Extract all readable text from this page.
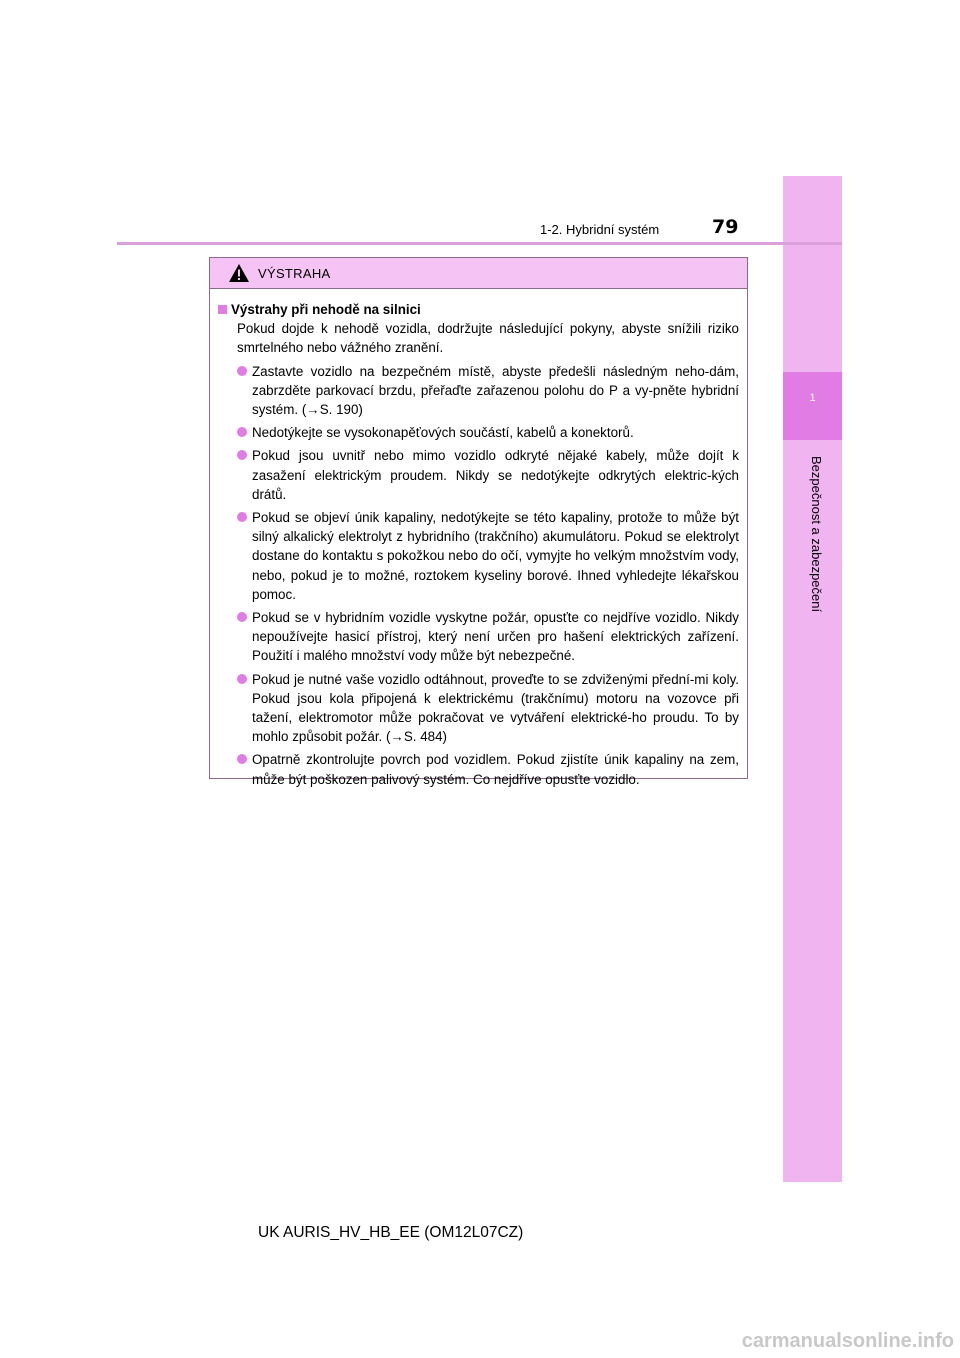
1
Bezpečnost a zabezpečení
1-2. Hybridní systém	79
VÝSTRAHA
Výstrahy při nehodě na silnici
Pokud dojde k nehodě vozidla, dodržujte následující pokyny, abyste snížili riziko smrtelného nebo vážného zranění.
Zastavte vozidlo na bezpečném místě, abyste předešli následným neho-dám, zabrzděte parkovací brzdu, přeřaďte zařazenou polohu do P a vy-pněte hybridní systém. (→S. 190)
Nedotýkejte se vysokonapěťových součástí, kabelů a konektorů.
Pokud jsou uvnitř nebo mimo vozidlo odkryté nějaké kabely, může dojít k zasažení elektrickým proudem. Nikdy se nedotýkejte odkrytých elektric-kých drátů.
Pokud se objeví únik kapaliny, nedotýkejte se této kapaliny, protože to může být silný alkalický elektrolyt z hybridního (trakčního) akumulátoru. Pokud se elektrolyt dostane do kontaktu s pokožkou nebo do očí, vymyjte ho velkým množstvím vody, nebo, pokud je to možné, roztokem kyseliny borové. Ihned vyhledejte lékařskou pomoc.
Pokud se v hybridním vozidle vyskytne požár, opusťte co nejdříve vozidlo. Nikdy nepoužívejte hasicí přístroj, který není určen pro hašení elektrických zařízení. Použití i malého množství vody může být nebezpečné.
Pokud je nutné vaše vozidlo odtáhnout, proveďte to se zdviženými přední-mi koly. Pokud jsou kola připojená k elektrickému (trakčnímu) motoru na vozovce při tažení, elektromotor může pokračovat ve vytváření elektrické-ho proudu. To by mohlo způsobit požár. (→S. 484)
Opatrně zkontrolujte povrch pod vozidlem. Pokud zjistíte únik kapaliny na zem, může být poškozen palivový systém. Co nejdříve opusťte vozidlo.
UK AURIS_HV_HB_EE (OM12L07CZ)
carmanualsonline.info
